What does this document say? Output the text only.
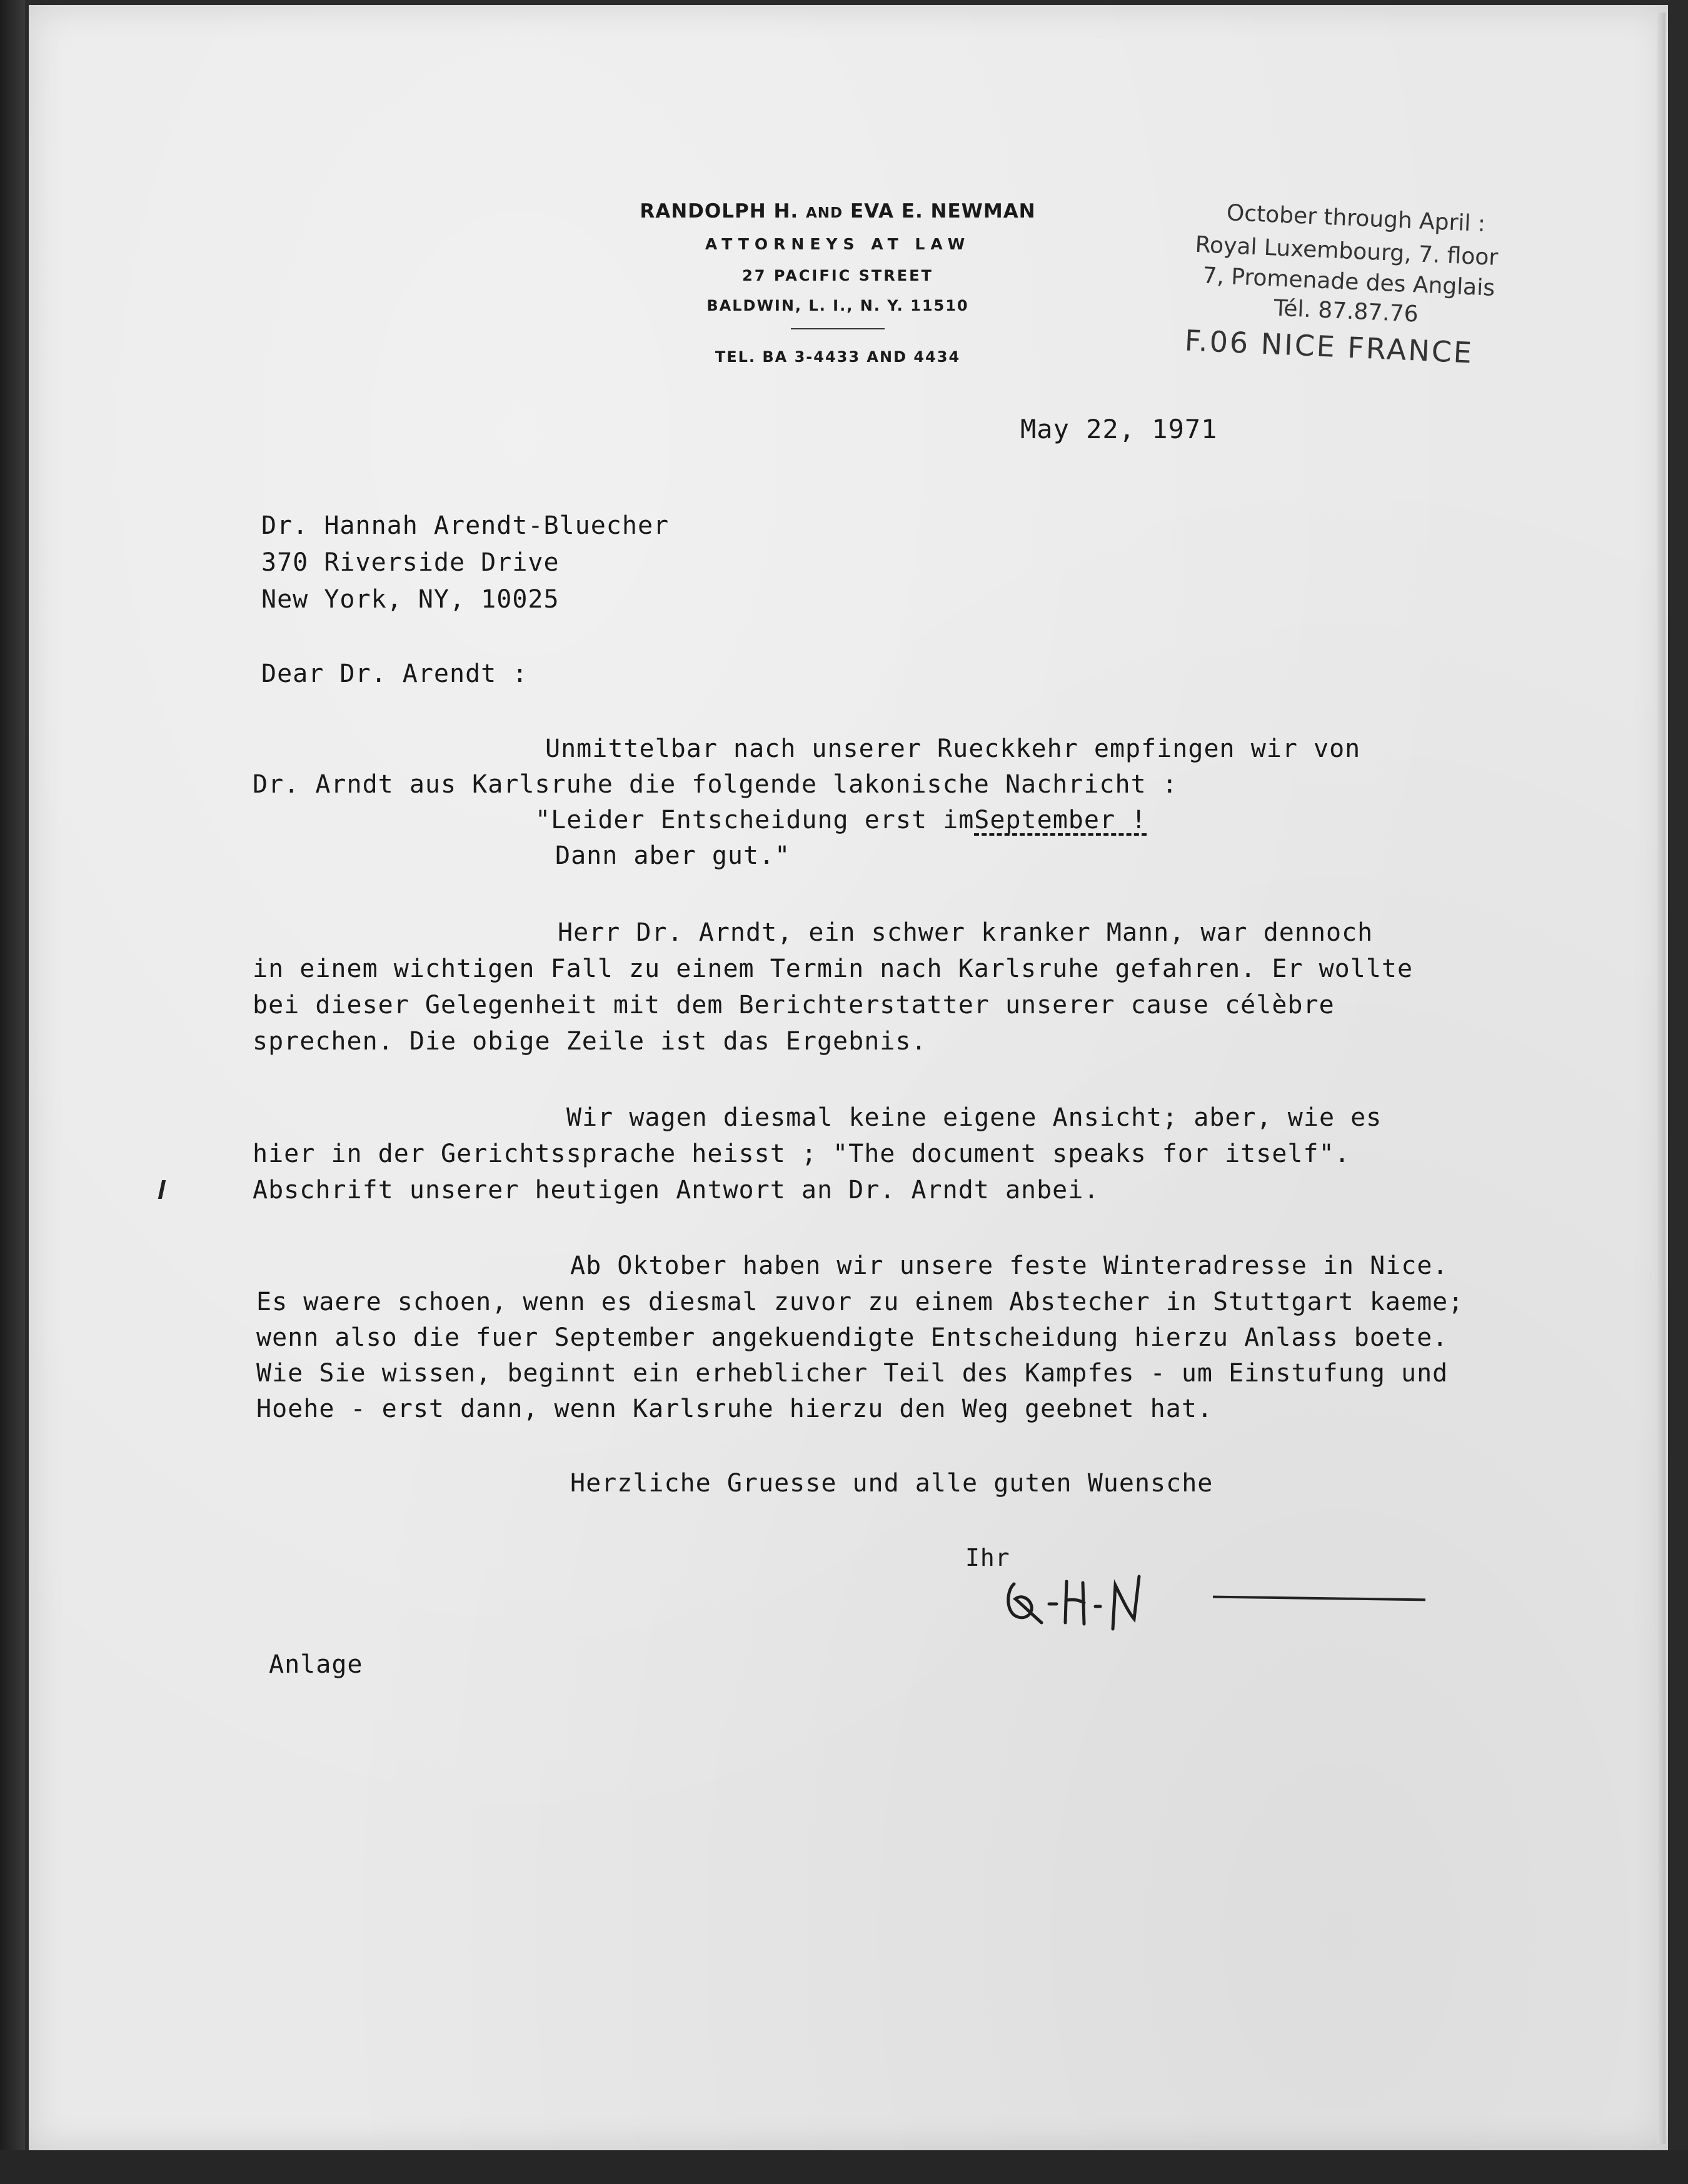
RANDOLPH H. AND EVA E. NEWMAN
ATTORNEYS AT LAW
27 PACIFIC STREET
BALDWIN, L. I., N. Y. 11510
TEL. BA 3-4433 AND 4434
October through April :
Royal Luxembourg, 7. floor
7, Promenade des Anglais
Tél. 87.87.76
F.06 NICE FRANCE
May 22, 1971
Dr. Hannah Arendt-Bluecher
370 Riverside Drive
New York, NY, 10025
Dear Dr. Arendt :
Unmittelbar nach unserer Rueckkehr empfingen wir von
Dr. Arndt aus Karlsruhe die folgende lakonische Nachricht :
"Leider Entscheidung erst imSeptember !
Dann aber gut."
Herr Dr. Arndt, ein schwer kranker Mann, war dennoch
in einem wichtigen Fall zu einem Termin nach Karlsruhe gefahren. Er wollte
bei dieser Gelegenheit mit dem Berichterstatter unserer cause célèbre
sprechen. Die obige Zeile ist das Ergebnis.
Wir wagen diesmal keine eigene Ansicht; aber, wie es
hier in der Gerichtssprache heisst ; "The document speaks for itself".
Abschrift unserer heutigen Antwort an Dr. Arndt anbei.
Ab Oktober haben wir unsere feste Winteradresse in Nice.
Es waere schoen, wenn es diesmal zuvor zu einem Abstecher in Stuttgart kaeme;
wenn also die fuer September angekuendigte Entscheidung hierzu Anlass boete.
Wie Sie wissen, beginnt ein erheblicher Teil des Kampfes - um Einstufung und
Hoehe - erst dann, wenn Karlsruhe hierzu den Weg geebnet hat.
Herzliche Gruesse und alle guten Wuensche
Ihr
Anlage
